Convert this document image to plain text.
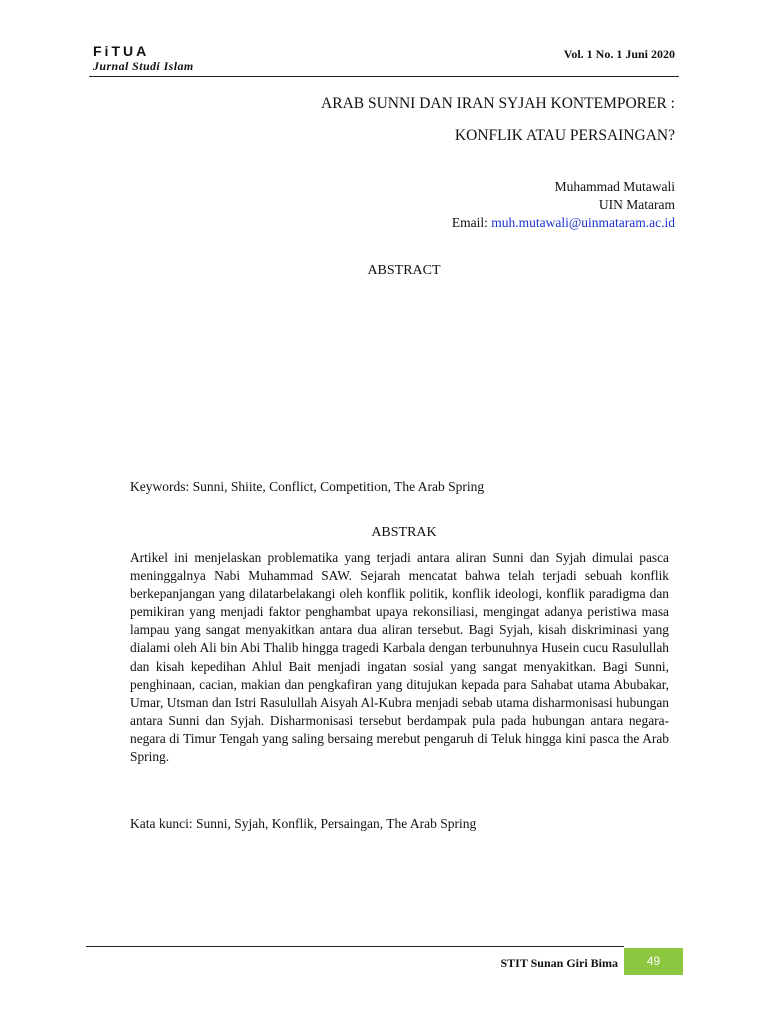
FiTUA
Jurnal Studi Islam
Vol. 1 No. 1 Juni 2020
ARAB SUNNI DAN IRAN SYJAH KONTEMPORER :
KONFLIK ATAU PERSAINGAN?
Muhammad Mutawali
UIN Mataram
Email: muh.mutawali@uinmataram.ac.id
ABSTRACT
Keywords: Sunni, Shiite, Conflict, Competition, The Arab Spring
ABSTRAK
Artikel ini menjelaskan problematika yang terjadi antara aliran Sunni dan Syjah dimulai pasca meninggalnya Nabi Muhammad SAW. Sejarah mencatat bahwa telah terjadi sebuah konflik berkepanjangan yang dilatarbelakangi oleh konflik politik, konflik ideologi, konflik paradigma dan pemikiran yang menjadi faktor penghambat upaya rekonsiliasi, mengingat adanya peristiwa masa lampau yang sangat menyakitkan antara dua aliran tersebut. Bagi Syjah, kisah diskriminasi yang dialami oleh Ali bin Abi Thalib hingga tragedi Karbala dengan terbunuhnya Husein cucu Rasulullah dan kisah kepedihan Ahlul Bait menjadi ingatan sosial yang sangat menyakitkan. Bagi Sunni, penghinaan, cacian, makian dan pengkafiran yang ditujukan kepada para Sahabat utama Abubakar, Umar, Utsman dan Istri Rasulullah Aisyah Al-Kubra menjadi sebab utama disharmonisasi hubungan antara Sunni dan Syjah. Disharmonisasi tersebut berdampak pula pada hubungan antara negara-negara di Timur Tengah yang saling bersaing merebut pengaruh di Teluk hingga kini pasca the Arab Spring.
Kata kunci: Sunni, Syjah, Konflik, Persaingan, The Arab Spring
STIT Sunan Giri Bima	49
